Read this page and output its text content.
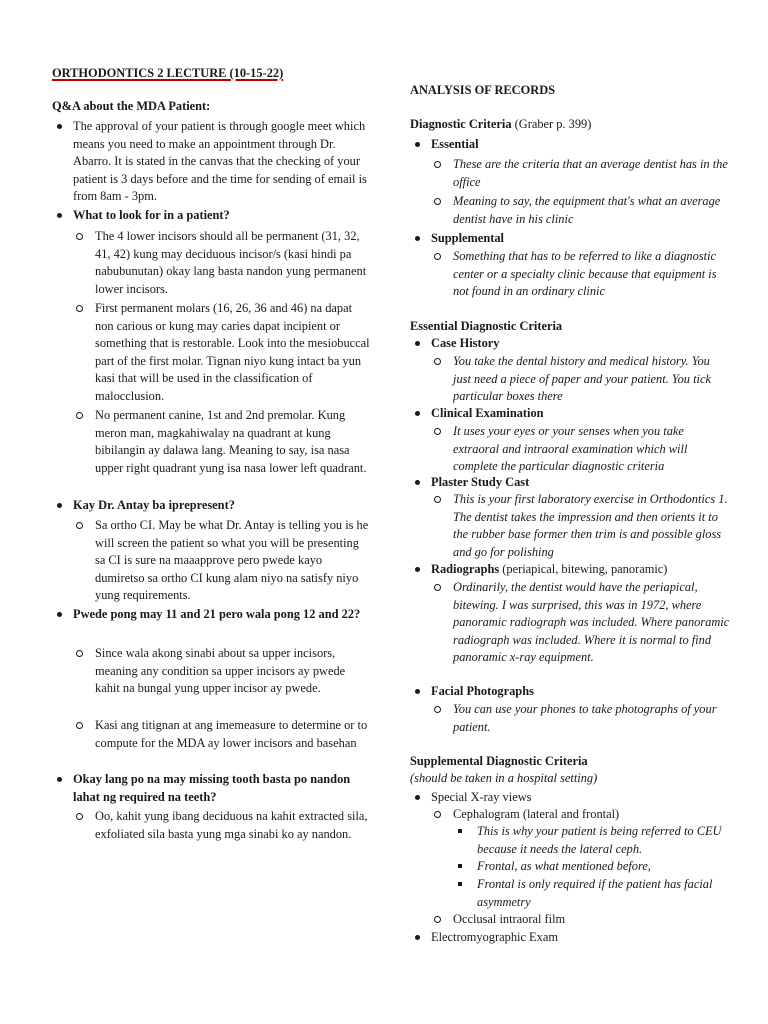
ORTHODONTICS 2 LECTURE (10-15-22)
Q&A about the MDA Patient:
The approval of your patient is through google meet which means you need to make an appointment through Dr. Abarro. It is stated in the canvas that the checking of your patient is 3 days before and the time for sending of email is from 8am - 3pm.
What to look for in a patient?
The 4 lower incisors should all be permanent (31, 32, 41, 42) kung may deciduous incisor/s (kasi hindi pa nabubunutan) okay lang basta nandon yung permanent lower incisors.
First permanent molars (16, 26, 36 and 46) na dapat non carious or kung may caries dapat incipient or something that is restorable. Look into the mesiobuccal part of the first molar. Tignan niyo kung intact ba yun kasi that will be used in the classification of malocclusion.
No permanent canine, 1st and 2nd premolar. Kung meron man, magkahiwalay na quadrant at kung bibilangin ay dalawa lang. Meaning to say, isa nasa upper right quadrant yung isa nasa lower left quadrant.
Kay Dr. Antay ba iprepresent?
Sa ortho CI. May be what Dr. Antay is telling you is he will screen the patient so what you will be presenting sa CI is sure na maaapprove pero pwede kayo dumiretso sa ortho CI kung alam niyo na satisfy niyo yung requirements.
Pwede pong may 11 and 21 pero wala pong 12 and 22?
Since wala akong sinabi about sa upper incisors, meaning any condition sa upper incisors ay pwede kahit na bungal yung upper incisor ay pwede.
Kasi ang titignan at ang imemeasure to determine or to compute for the MDA ay lower incisors and basehan
Okay lang po na may missing tooth basta po nandon lahat ng required na teeth?
Oo, kahit yung ibang deciduous na kahit extracted sila, exfoliated sila basta yung mga sinabi ko ay nandon.
ANALYSIS OF RECORDS
Diagnostic Criteria (Graber p. 399)
Essential
These are the criteria that an average dentist has in the office
Meaning to say, the equipment that's what an average dentist have in his clinic
Supplemental
Something that has to be referred to like a diagnostic center or a specialty clinic because that equipment is not found in an ordinary clinic
Essential Diagnostic Criteria
Case History
You take the dental history and medical history. You just need a piece of paper and your patient. You tick particular boxes there
Clinical Examination
It uses your eyes or your senses when you take extraoral and intraoral examination which will complete the particular diagnostic criteria
Plaster Study Cast
This is your first laboratory exercise in Orthodontics 1. The dentist takes the impression and then orients it to the rubber base former then trim is and possible gloss and go for polishing
Radiographs (periapical, bitewing, panoramic)
Ordinarily, the dentist would have the periapical, bitewing. I was surprised, this was in 1972, where panoramic radiograph was included. Where panoramic radiograph was included. Where it is normal to find panoramic x-ray equipment.
Facial Photographs
You can use your phones to take photographs of your patient.
Supplemental Diagnostic Criteria
(should be taken in a hospital setting)
Special X-ray views
Cephalogram (lateral and frontal)
This is why your patient is being referred to CEU because it needs the lateral ceph.
Frontal, as what mentioned before,
Frontal is only required if the patient has facial asymmetry
Occlusal intraoral film
Electromyographic Exam
